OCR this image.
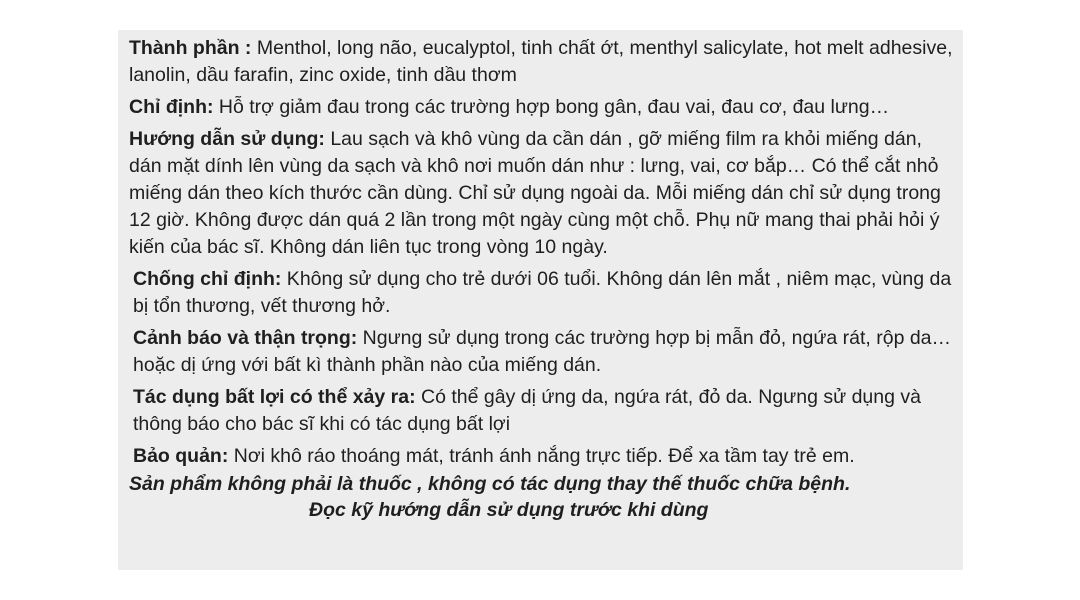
Thành phần : Menthol, long não, eucalyptol, tinh chất ớt, menthyl salicylate, hot melt adhesive, lanolin, dầu farafin, zinc oxide, tinh dầu thơm
Chỉ định: Hỗ trợ giảm đau trong các trường hợp bong gân, đau vai, đau cơ, đau lưng…
Hướng dẫn sử dụng: Lau sạch và khô vùng da cần dán , gỡ miếng film ra khỏi miếng dán, dán mặt dính lên vùng da sạch và khô nơi muốn dán như : lưng, vai, cơ bắp… Có thể cắt nhỏ miếng dán theo kích thước cần dùng. Chỉ sử dụng ngoài da. Mỗi miếng dán chỉ sử dụng trong 12 giờ. Không được dán quá 2 lần trong một ngày cùng một chỗ. Phụ nữ mang thai phải hỏi ý kiến của bác sĩ. Không dán liên tục trong vòng 10 ngày.
Chống chỉ định: Không sử dụng cho trẻ dưới 06 tuổi. Không dán lên mắt , niêm mạc, vùng da bị tổn thương, vết thương hở.
Cảnh báo và thận trọng: Ngưng sử dụng trong các trường hợp bị mẫn đỏ, ngứa rát, rộp da…hoặc dị ứng với bất kì thành phần nào của miếng dán.
Tác dụng bất lợi có thể xảy ra: Có thể gây dị ứng da, ngứa rát, đỏ da. Ngưng sử dụng và thông báo cho bác sĩ khi có tác dụng bất lợi
Bảo quản: Nơi khô ráo thoáng mát, tránh ánh nắng trực tiếp. Để xa tầm tay trẻ em.
Sản phẩm không phải là thuốc , không có tác dụng thay thế thuốc chữa bệnh.
Đọc kỹ hướng dẫn sử dụng trước khi dùng
